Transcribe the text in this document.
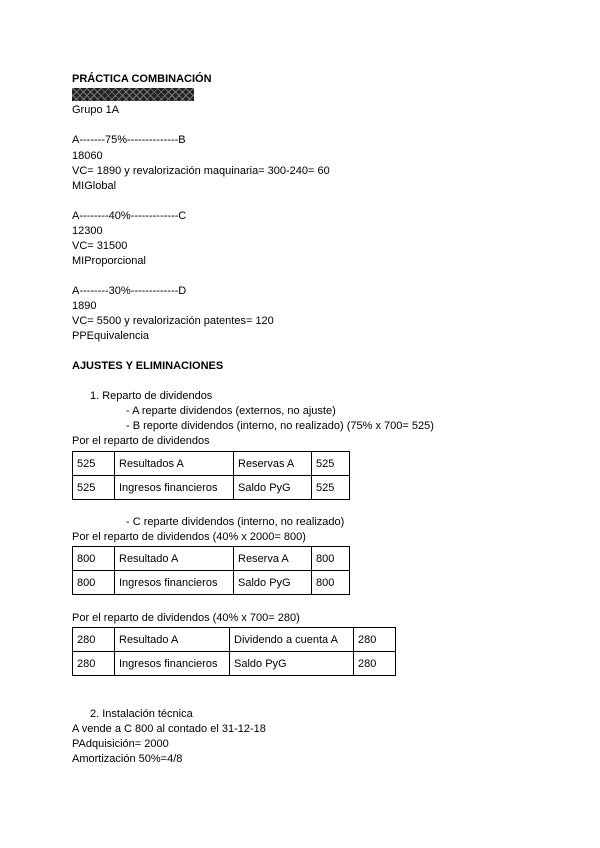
PRÁCTICA COMBINACIÓN
Grupo 1A
A-------75%--------------B
18060
VC= 1890 y revalorización maquinaria= 300-240= 60
MIGlobal
A--------40%-------------C
12300
VC= 31500
MIProporcional
A--------30%-------------D
1890
VC= 5500 y revalorización patentes= 120
PPEquivalencia
AJUSTES Y ELIMINACIONES
1. Reparto de dividendos
- A reparte dividendos (externos, no ajuste)
- B reporte dividendos (interno, no realizado) (75% x 700= 525)
Por el reparto de dividendos
525	Resultados A	Reservas A	525
525	Ingresos financieros	Saldo PyG	525
- C reparte dividendos (interno, no realizado)
Por el reparto de dividendos (40% x 2000= 800)
800	Resultado A	Reserva A	800
800	Ingresos financieros	Saldo PyG	800
Por el reparto de dividendos (40% x 700= 280)
280	Resultado A	Dividendo a cuenta A	280
280	Ingresos financieros	Saldo PyG	280
2. Instalación técnica
A vende a C 800 al contado el 31-12-18
PAdquisición= 2000
Amortización 50%=4/8
